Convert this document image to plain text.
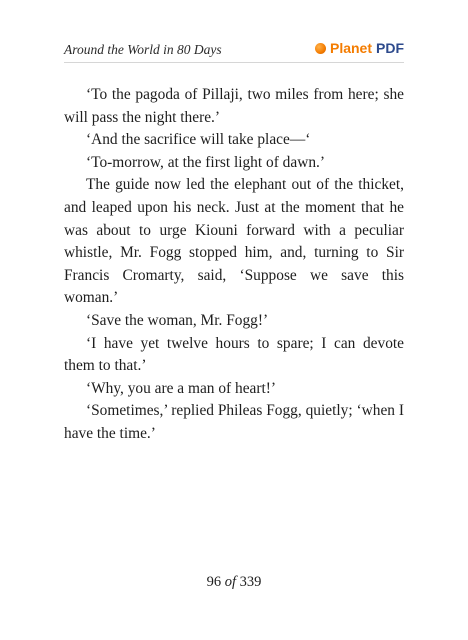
Around the World in 80 Days	Planet PDF

‘To the pagoda of Pillaji, two miles from here; she will pass the night there.’

‘And the sacrifice will take place—‘

‘To-morrow, at the first light of dawn.’

The guide now led the elephant out of the thicket, and leaped upon his neck. Just at the moment that he was about to urge Kiouni forward with a peculiar whistle, Mr. Fogg stopped him, and, turning to Sir Francis Cromarty, said, ‘Suppose we save this woman.’

‘Save the woman, Mr. Fogg!’

‘I have yet twelve hours to spare; I can devote them to that.’

‘Why, you are a man of heart!’

‘Sometimes,’ replied Phileas Fogg, quietly; ‘when I have the time.’

96 of 339
